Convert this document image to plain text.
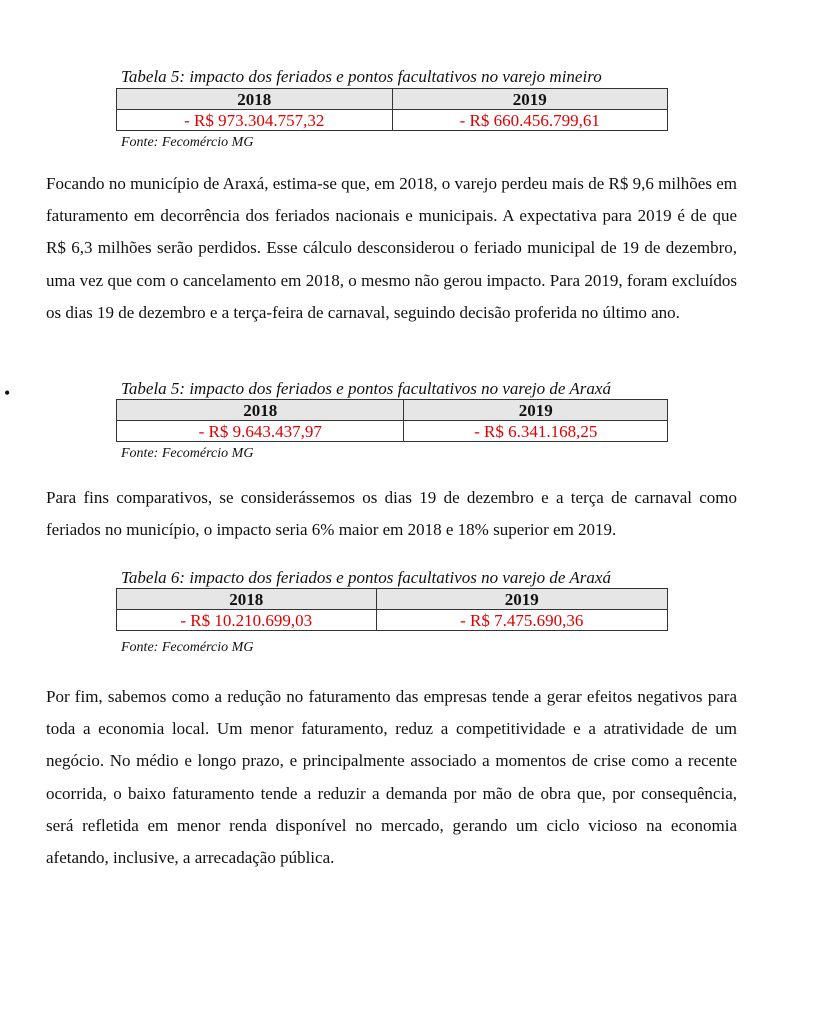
Tabela 5: impacto dos feriados e pontos facultativos no varejo mineiro
2018	2019
- R$ 973.304.757,32	- R$ 660.456.799,61
Fonte: Fecomércio MG

Focando no município de Araxá, estima-se que, em 2018, o varejo perdeu mais de R$ 9,6 milhões em faturamento em decorrência dos feriados nacionais e municipais. A expectativa para 2019 é de que R$ 6,3 milhões serão perdidos. Esse cálculo desconsiderou o feriado municipal de 19 de dezembro, uma vez que com o cancelamento em 2018, o mesmo não gerou impacto. Para 2019, foram excluídos os dias 19 de dezembro e a terça-feira de carnaval, seguindo decisão proferida no último ano.

•	Tabela 5: impacto dos feriados e pontos facultativos no varejo de Araxá
2018	2019
- R$ 9.643.437,97	- R$ 6.341.168,25
Fonte: Fecomércio MG

Para fins comparativos, se considerássemos os dias 19 de dezembro e a terça de carnaval como feriados no município, o impacto seria 6% maior em 2018 e 18% superior em 2019.

Tabela 6: impacto dos feriados e pontos facultativos no varejo de Araxá
2018	2019
- R$ 10.210.699,03	- R$ 7.475.690,36
Fonte: Fecomércio MG

Por fim, sabemos como a redução no faturamento das empresas tende a gerar efeitos negativos para toda a economia local. Um menor faturamento, reduz a competitividade e a atratividade de um negócio. No médio e longo prazo, e principalmente associado a momentos de crise como a recente ocorrida, o baixo faturamento tende a reduzir a demanda por mão de obra que, por consequência, será refletida em menor renda disponível no mercado, gerando um ciclo vicioso na economia afetando, inclusive, a arrecadação pública.
